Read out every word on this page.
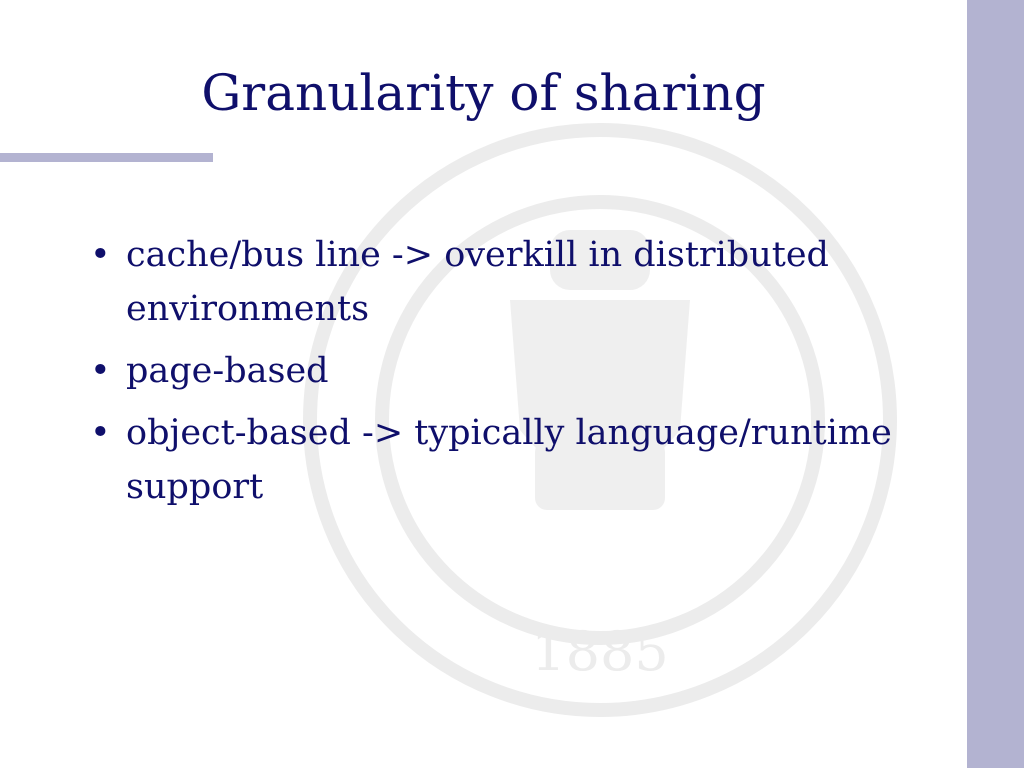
1885
Granularity of sharing
• cache/bus line -> overkill in distributed environments
• page-based
• object-based -> typically language/runtime support
